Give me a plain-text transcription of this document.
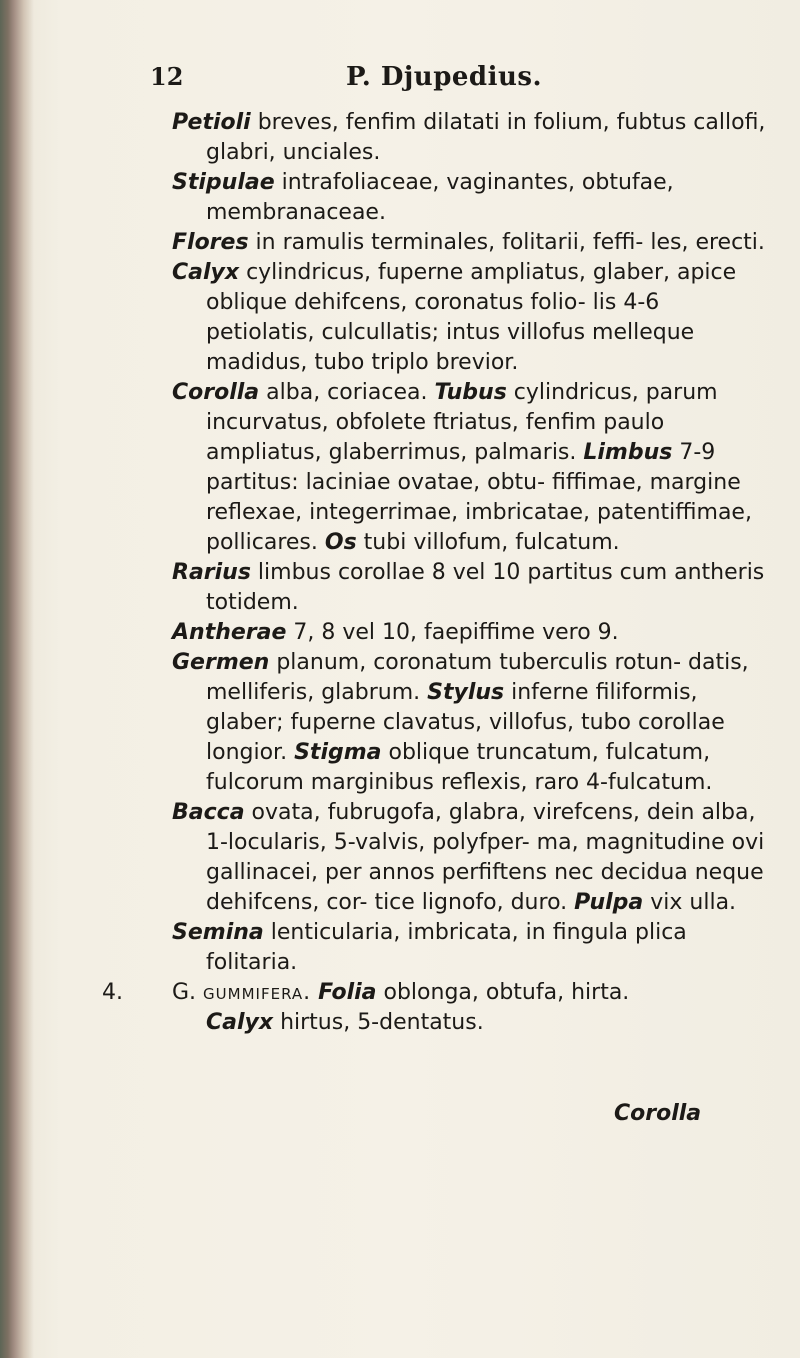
12	P. Djupedius.

Petioli breves, fenfim dilatati in folium, fubtus callofi, glabri, unciales.

Stipulae intrafoliaceae, vaginantes, obtufae, membranaceae.

Flores in ramulis terminales, folitarii, feffi- les, erecti.

Calyx cylindricus, fuperne ampliatus, glaber, apice oblique dehifcens, coronatus folio- lis 4-6 petiolatis, culcullatis; intus villofus melleque madidus, tubo triplo brevior.

Corolla alba, coriacea. Tubus cylindricus, parum incurvatus, obfolete ftriatus, fenfim paulo ampliatus, glaberrimus, palmaris. Limbus 7-9 partitus: laciniae ovatae, obtu- fiffimae, margine reflexae, integerrimae, imbricatae, patentiffimae, pollicares. Os tubi villofum, fulcatum.

Rarius limbus corollae 8 vel 10 partitus cum antheris totidem.

Antherae 7, 8 vel 10, faepiffime vero 9.

Germen planum, coronatum tuberculis rotun- datis, melliferis, glabrum. Stylus inferne filiformis, glaber; fuperne clavatus, villofus, tubo corollae longior. Stigma oblique truncatum, fulcatum, fulcorum marginibus reflexis, raro 4-fulcatum.

Bacca ovata, fubrugofa, glabra, virefcens, dein alba, 1-locularis, 5-valvis, polyfper- ma, magnitudine ovi gallinacei, per annos perfiftens nec decidua neque dehifcens, cor- tice lignofo, duro. Pulpa vix ulla.

Semina lenticularia, imbricata, in fingula plica folitaria.

4. G. gummifera. Folia oblonga, obtufa, hirta.
Calyx hirtus, 5-dentatus.

Corolla
